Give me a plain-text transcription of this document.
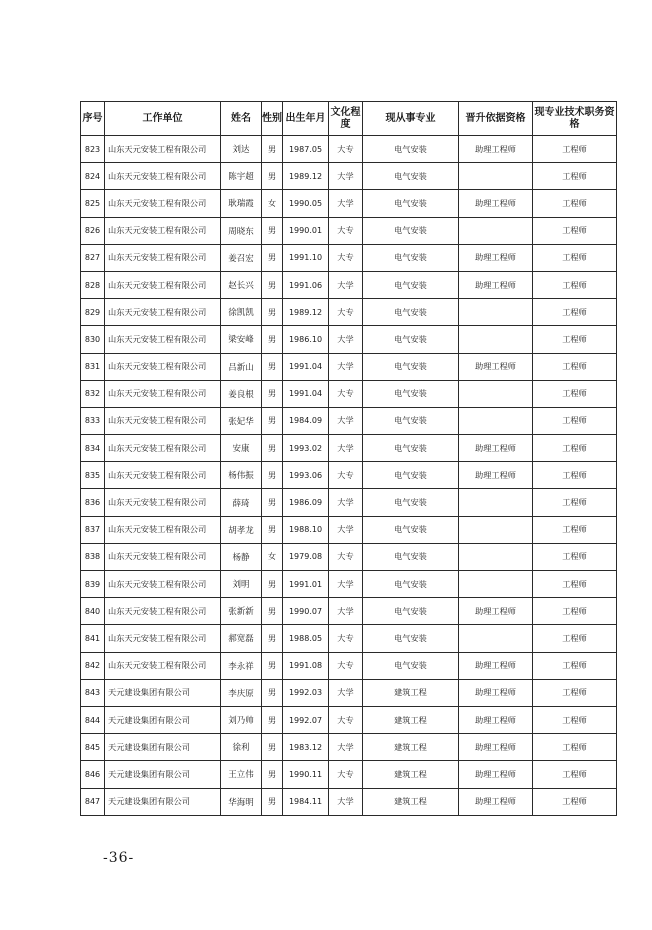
序号	工作单位	姓名	性别	出生年月	文化程度	现从事专业	晋升依据资格	现专业技术职务资格
823	山东天元安装工程有限公司	刘达	男	1987.05	大专	电气安装	助理工程师	工程师
824	山东天元安装工程有限公司	陈宇超	男	1989.12	大学	电气安装		工程师
825	山东天元安装工程有限公司	耿瑞霞	女	1990.05	大学	电气安装	助理工程师	工程师
826	山东天元安装工程有限公司	周晓东	男	1990.01	大专	电气安装		工程师
827	山东天元安装工程有限公司	姜召宏	男	1991.10	大专	电气安装	助理工程师	工程师
828	山东天元安装工程有限公司	赵长兴	男	1991.06	大学	电气安装	助理工程师	工程师
829	山东天元安装工程有限公司	徐凯凯	男	1989.12	大专	电气安装		工程师
830	山东天元安装工程有限公司	梁安峰	男	1986.10	大学	电气安装		工程师
831	山东天元安装工程有限公司	吕新山	男	1991.04	大学	电气安装	助理工程师	工程师
832	山东天元安装工程有限公司	姜良根	男	1991.04	大专	电气安装		工程师
833	山东天元安装工程有限公司	张妃华	男	1984.09	大学	电气安装		工程师
834	山东天元安装工程有限公司	安康	男	1993.02	大学	电气安装	助理工程师	工程师
835	山东天元安装工程有限公司	杨伟振	男	1993.06	大专	电气安装	助理工程师	工程师
836	山东天元安装工程有限公司	薛琦	男	1986.09	大学	电气安装		工程师
837	山东天元安装工程有限公司	胡孝龙	男	1988.10	大学	电气安装		工程师
838	山东天元安装工程有限公司	杨静	女	1979.08	大专	电气安装		工程师
839	山东天元安装工程有限公司	刘明	男	1991.01	大学	电气安装		工程师
840	山东天元安装工程有限公司	张新新	男	1990.07	大学	电气安装	助理工程师	工程师
841	山东天元安装工程有限公司	郝宽磊	男	1988.05	大专	电气安装		工程师
842	山东天元安装工程有限公司	李永祥	男	1991.08	大专	电气安装	助理工程师	工程师
843	天元建设集团有限公司	李庆原	男	1992.03	大学	建筑工程	助理工程师	工程师
844	天元建设集团有限公司	刘乃帅	男	1992.07	大专	建筑工程	助理工程师	工程师
845	天元建设集团有限公司	徐利	男	1983.12	大学	建筑工程	助理工程师	工程师
846	天元建设集团有限公司	王立伟	男	1990.11	大专	建筑工程	助理工程师	工程师
847	天元建设集团有限公司	华海明	男	1984.11	大学	建筑工程	助理工程师	工程师
-36-
